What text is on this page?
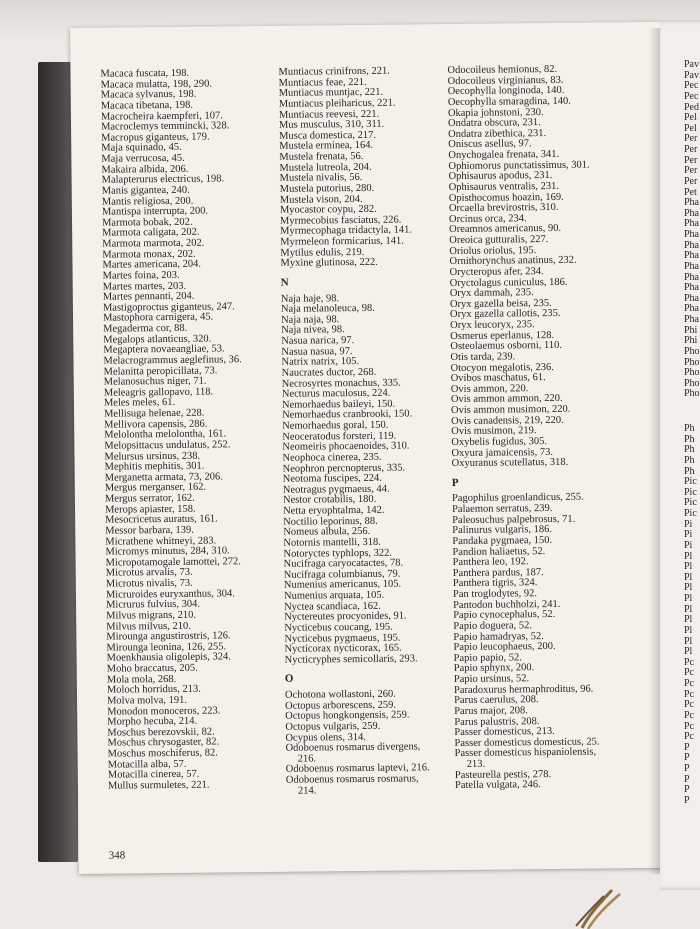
Macaca fuscata, 198.
Macaca mulatta, 198, 290.
Macaca sylvanus, 198.
Macaca tibetana, 198.
Macrocheira kaempferi, 107.
Macroclemys temmincki, 328.
Macropus giganteus, 179.
Maja squinado, 45.
Maja verrucosa, 45.
Makaira albida, 206.
Malapterurus electricus, 198.
Manis gigantea, 240.
Mantis religiosa, 200.
Mantispa interrupta, 200.
Marmota bobak, 202.
Marmota caligata, 202.
Marmota marmota, 202.
Marmota monax, 202.
Martes americana, 204.
Martes foina, 203.
Martes martes, 203.
Martes pennanti, 204.
Mastigoproctus giganteus, 247.
Mastophora carnigera, 45.
Megaderma cor, 88.
Megalops atlanticus, 320.
Megaptera novaeangliae, 53.
Melacrogrammus aeglefinus, 36.
Melanitta peropicillata, 73.
Melanosuchus niger, 71.
Meleagris gallopavo, 118.
Meles meles, 61.
Mellisuga helenae, 228.
Mellivora capensis, 286.
Melolontha melolontha, 161.
Melopsittacus undulatus, 252.
Melursus ursinus, 238.
Mephitis mephitis, 301.
Merganetta armata, 73, 206.
Mergus merganser, 162.
Mergus serrator, 162.
Merops apiaster, 158.
Mesocricetus auratus, 161.
Messor barbara, 139.
Micrathene whitneyi, 283.
Micromys minutus, 284, 310.
Micropotamogale lamottei, 272.
Microtus arvalis, 73.
Microtus nivalis, 73.
Micruroides euryxanthus, 304.
Micrurus fulvius, 304.
Milvus migrans, 210.
Milvus milvus, 210.
Mirounga angustirostris, 126.
Mirounga leonina, 126, 255.
Moenkhausia oligolepis, 324.
Moho braccatus, 205.
Mola mola, 268.
Moloch horridus, 213.
Molva molva, 191.
Monodon monoceros, 223.
Morpho hecuba, 214.
Moschus berezovskii, 82.
Moschus chrysogaster, 82.
Moschus moschiferus, 82.
Motacilla alba, 57.
Motacilla cinerea, 57.
Mullus surmuletes, 221.
Muntiacus crinifrons, 221.
Muntiacus feae, 221.
Muntiacus muntjac, 221.
Muntiacus pleiharicus, 221.
Muntiacus reevesi, 221.
Mus musculus, 310, 311.
Musca domestica, 217.
Mustela erminea, 164.
Mustela frenata, 56.
Mustela lutreola, 204.
Mustela nivalis, 56.
Mustela putorius, 280.
Mustela vison, 204.
Myocastor coypu, 282.
Myrmecobius fasciatus, 226.
Myrmecophaga tridactyla, 141.
Myrmeleon formicarius, 141.
Mytilus edulis, 219.
Myxine glutinosa, 222.
N
Naja haje, 98.
Naja melanoleuca, 98.
Naja naja, 98.
Naja nivea, 98.
Nasua narica, 97.
Nasua nasua, 97.
Natrix natrix, 105.
Naucrates ductor, 268.
Necrosyrtes monachus, 335.
Necturus maculosus, 224.
Nemorhaedus baileyi, 150.
Nemorhaedus cranbrooki, 150.
Nemorhaedus goral, 150.
Neoceratodus forsteri, 119.
Neomeiris phocaenoides, 310.
Neophoca cinerea, 235.
Neophron percnopterus, 335.
Neotoma fuscipes, 224.
Neotragus pygmaeus, 44.
Nestor crotabilis, 180.
Netta eryophtalma, 142.
Noctilio leporinus, 88.
Nomeus albula, 256.
Notornis mantelli, 318.
Notoryctes typhlops, 322.
Nucifraga caryocatactes, 78.
Nucifraga columbianus, 79.
Numenius americanus, 105.
Numenius arquata, 105.
Nyctea scandiaca, 162.
Nyctereutes procyonides, 91.
Nycticebus coucang, 195.
Nycticebus pygmaeus, 195.
Nycticorax nycticorax, 165.
Nycticryphes semicollaris, 293.
O
Ochotona wollastoni, 260.
Octopus arborescens, 259.
Octopus hongkongensis, 259.
Octopus vulgaris, 259.
Ocypus olens, 314.
Odoboenus rosmarus divergens,
216.
Odoboenus rosmarus laptevi, 216.
Odoboenus rosmarus rosmarus,
214.
Odocoileus hemionus, 82.
Odocoileus virginianus, 83.
Oecophylla longinoda, 140.
Oecophylla smaragdina, 140.
Okapia johnstoni, 230.
Ondatra obscura, 231.
Ondatra zibethica, 231.
Oniscus asellus, 97.
Onychogalea frenata, 341.
Ophiomorus punctatissimus, 301.
Ophisaurus apodus, 231.
Ophisaurus ventralis, 231.
Opisthocomus hoazin, 169.
Orcaella brevirostris, 310.
Orcinus orca, 234.
Oreamnos americanus, 90.
Oreoica gutturalis, 227.
Oriolus oriolus, 195.
Ornithorynchus anatinus, 232.
Orycteropus afer, 234.
Oryctolagus cuniculus, 186.
Oryx dammah, 235.
Oryx gazella beisa, 235.
Oryx gazella callotis, 235.
Oryx leucoryx, 235.
Osmerus eperlanus, 128.
Osteolaemus osborni, 110.
Otis tarda, 239.
Otocyon megalotis, 236.
Ovibos maschatus, 61.
Ovis ammon, 220.
Ovis ammon ammon, 220.
Ovis ammon musimon, 220.
Ovis canadensis, 219, 220.
Ovis musimon, 219.
Oxybelis fugidus, 305.
Oxyura jamaicensis, 73.
Oxyuranus scutellatus, 318.
P
Pagophilus groenlandicus, 255.
Palaemon serratus, 239.
Paleosuchus palpebrosus, 71.
Palinurus vulgaris, 186.
Pandaka pygmaea, 150.
Pandion haliaetus, 52.
Panthera leo, 192.
Panthera pardus, 187.
Panthera tigris, 324.
Pan troglodytes, 92.
Pantodon buchholzi, 241.
Papio cynocephalus, 52.
Papio doguera, 52.
Papio hamadryas, 52.
Papio leucophaeus, 200.
Papio papio, 52.
Papio sphynx, 200.
Papio ursinus, 52.
Paradoxurus hermaphroditus, 96.
Parus caerulus, 208.
Parus major, 208.
Parus palustris, 208.
Passer domesticus, 213.
Passer domesticus domesticus, 25.
Passer domesticus hispaniolensis,
213.
Pasteurella pestis, 278.
Patella vulgata, 246.
348
Pav
Pav
Pec
Pec
Ped
Pel
Pel
Per
Per
Per
Per
Per
Pet
Pha
Pha
Pha
Pha
Pha
Pha
Pha
Pha
Pha
Pha
Pha
Pha
Phi
Phi
Pho
Pho
Pho
Pho
Pho
Ph
Ph
Ph
Ph
Ph
Pic
Pic
Pic
Pic
Pi
Pi
Pi
Pl
Pl
Pl
Pl
Pl
Pl
Pl
Pl
Pl
Pl
Pc
Pc
Pc
Pc
Pc
Pc
Pc
Pc
P
P
P
P
P
P
